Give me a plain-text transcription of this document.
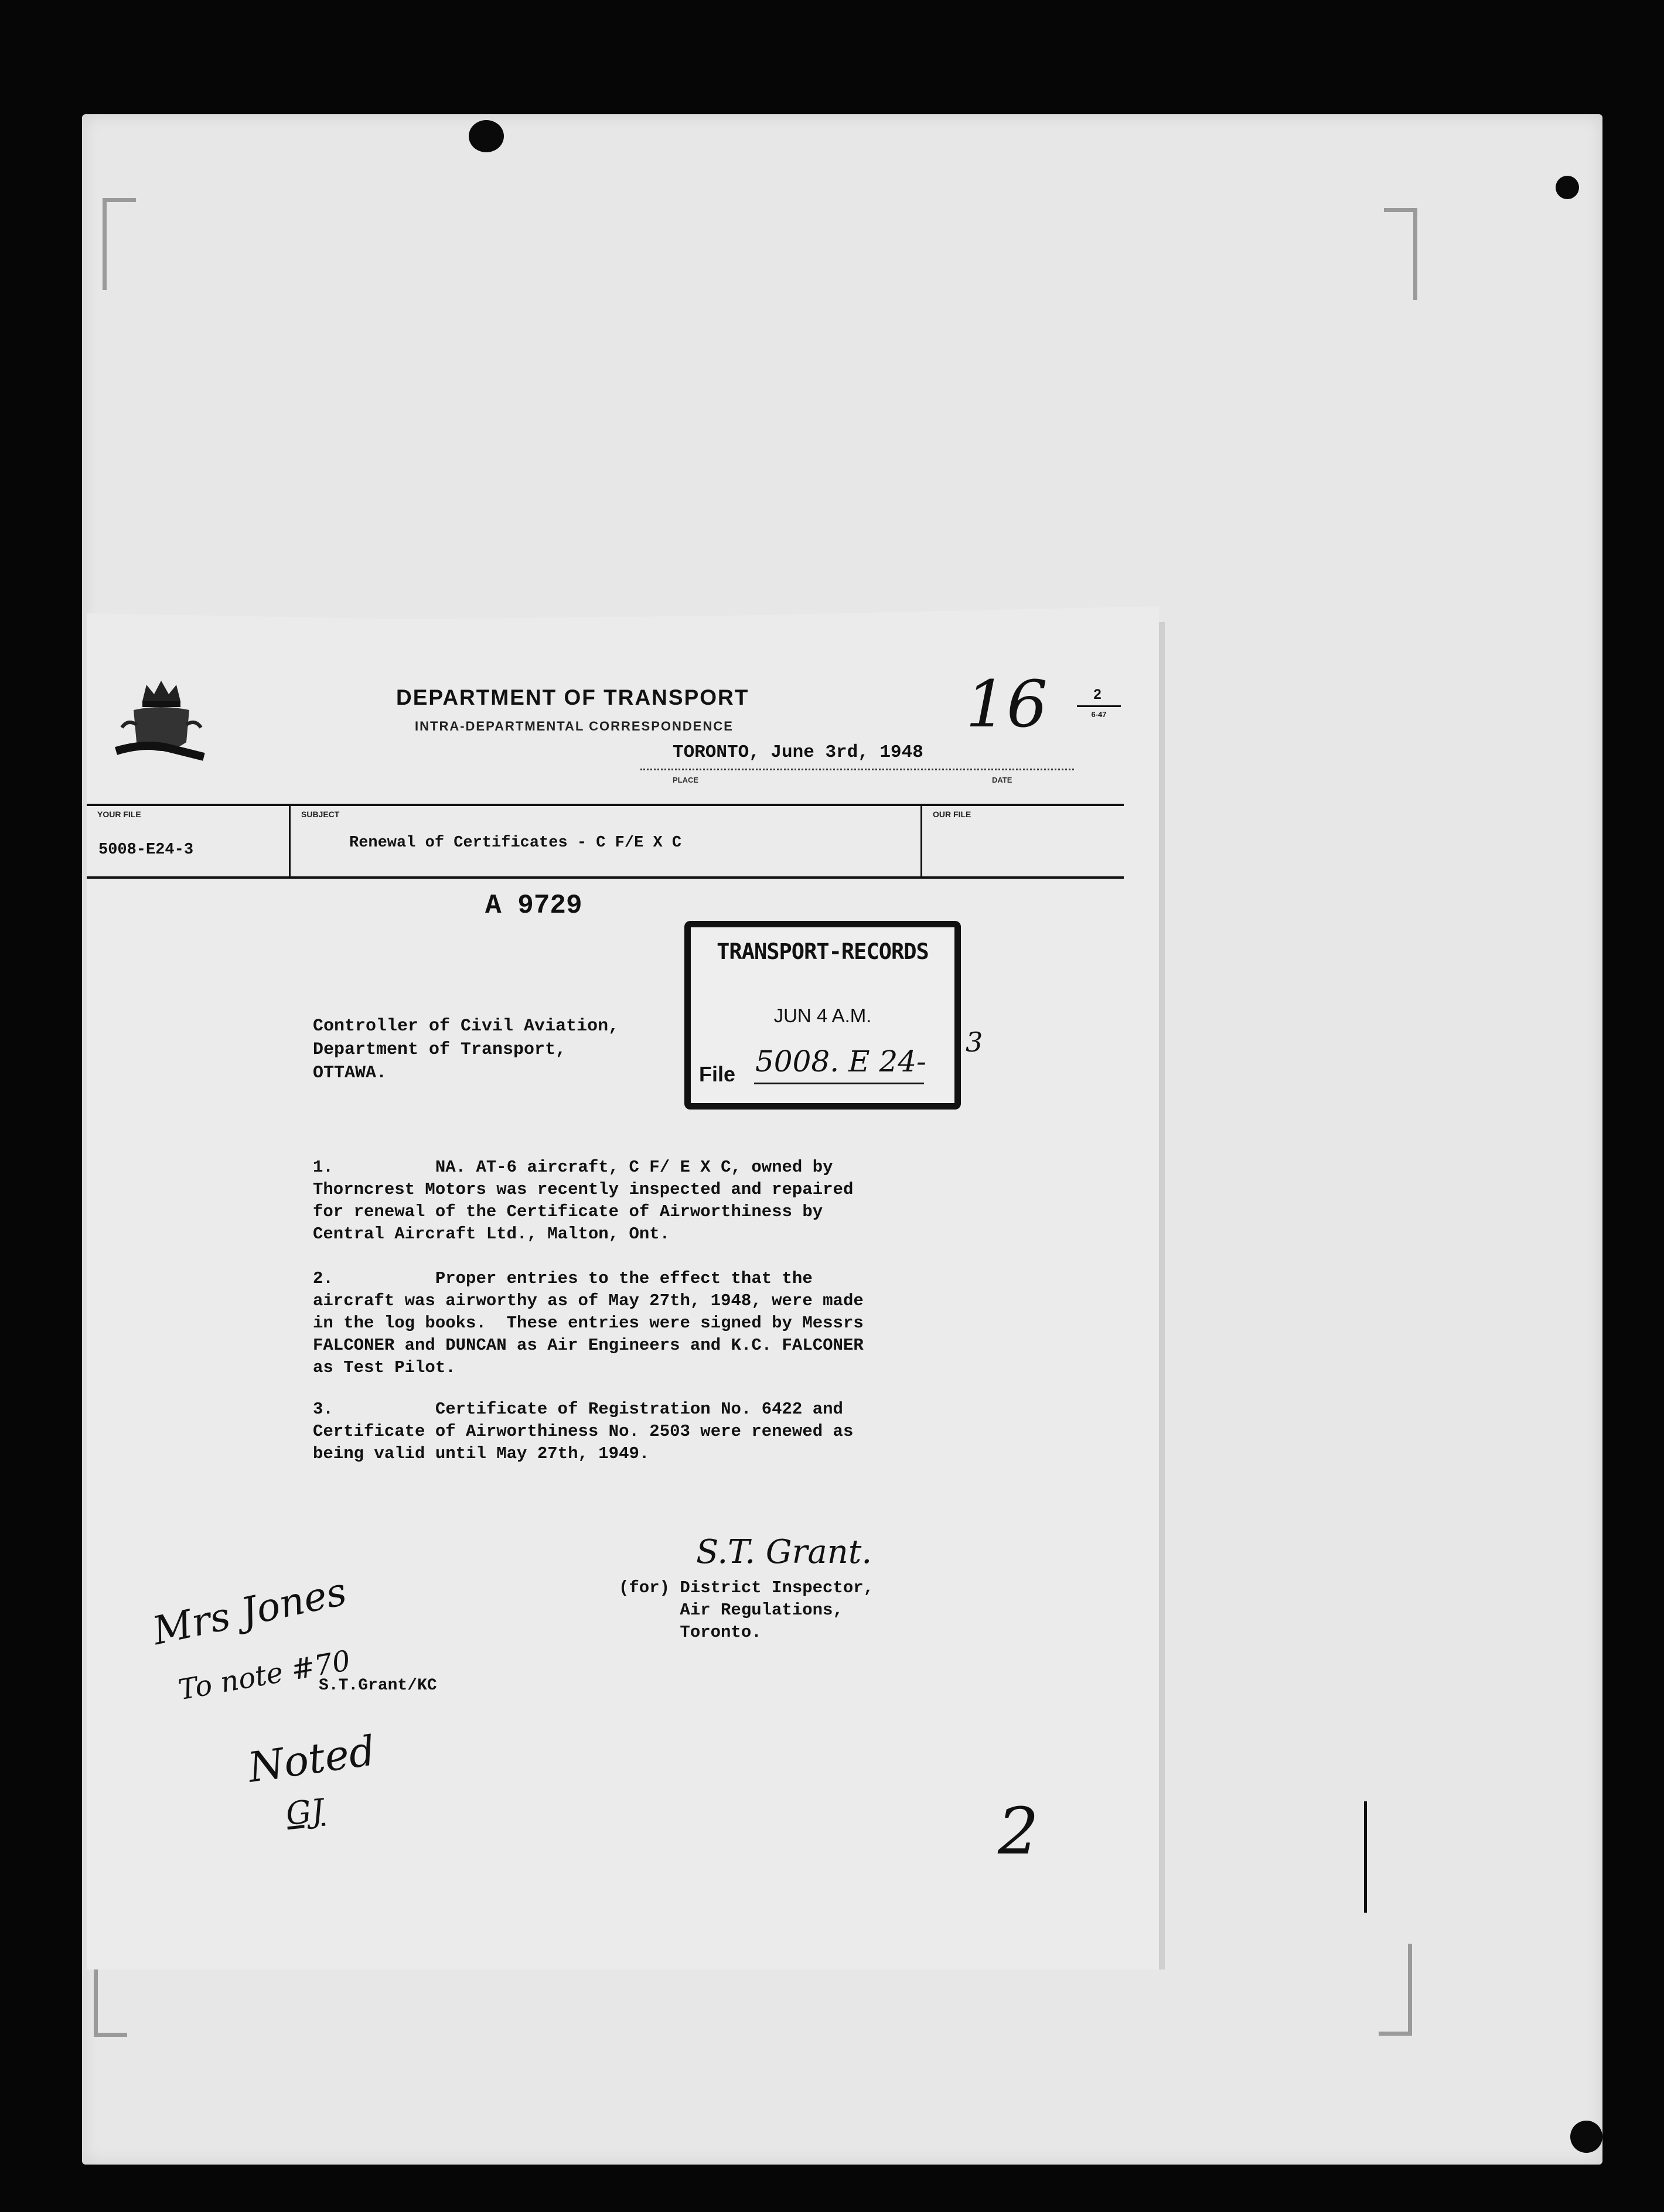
DEPARTMENT OF TRANSPORT
INTRA-DEPARTMENTAL CORRESPONDENCE
TORONTO, June 3rd, 1948
PLACE	DATE
16	2
6-47
YOUR FILE
5008-E24-3
SUBJECT
Renewal of Certificates - C F/E X C
OUR FILE
A 9729
TRANSPORT-RECORDS
JUN 4 A.M.
File 5008. E 24-
3
Controller of Civil Aviation,
Department of Transport,
OTTAWA.
1.          NA. AT-6 aircraft, C F/ E X C, owned by
Thorncrest Motors was recently inspected and repaired
for renewal of the Certificate of Airworthiness by
Central Aircraft Ltd., Malton, Ont.
2.          Proper entries to the effect that the
aircraft was airworthy as of May 27th, 1948, were made
in the log books.  These entries were signed by Messrs
FALCONER and DUNCAN as Air Engineers and K.C. FALCONER
as Test Pilot.
3.          Certificate of Registration No. 6422 and
Certificate of Airworthiness No. 2503 were renewed as
being valid until May 27th, 1949.
S.T. Grant.
(for) District Inspector,
Air Regulations,
Toronto.
S.T.Grant/KC
Mrs Jones
To note #70
Noted
GJ	2
